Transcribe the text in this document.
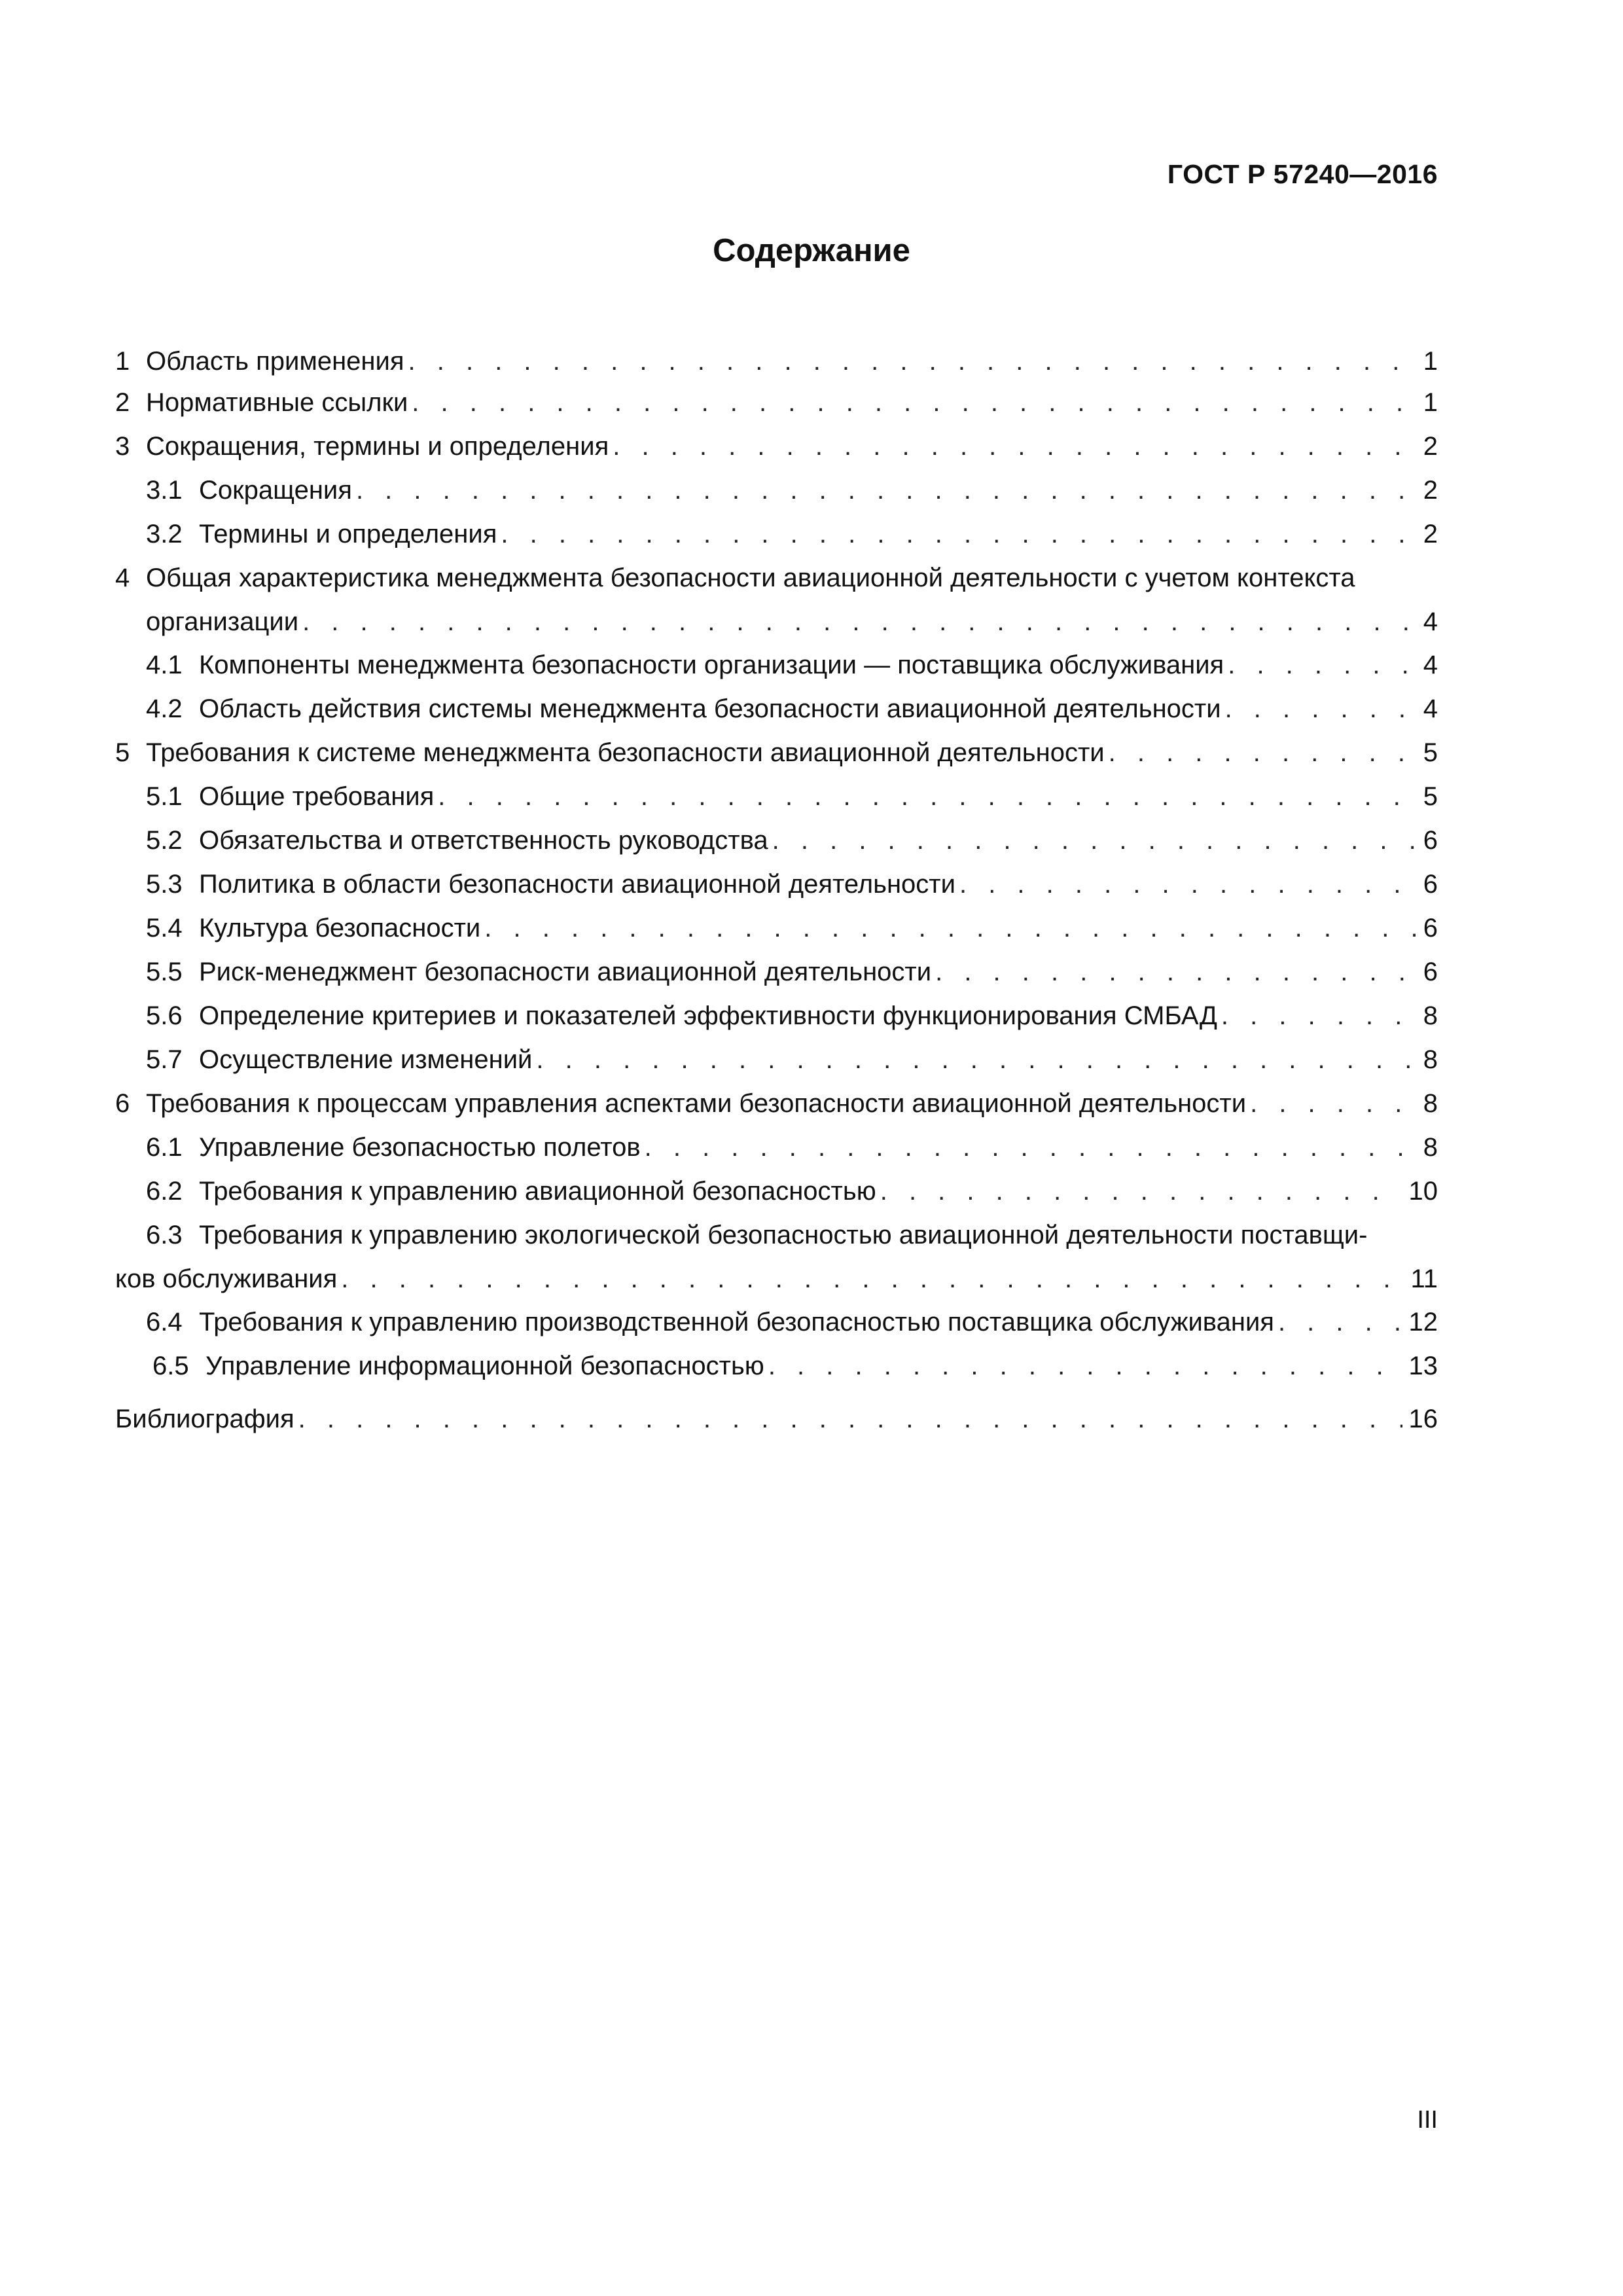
ГОСТ Р 57240—2016
Содержание
1 Область применения . . .	1
2 Нормативные ссылки . . .	1
3 Сокращения, термины и определения . . .	2
3.1 Сокращения . . .	2
3.2 Термины и определения . . .	2
4 Общая характеристика менеджмента безопасности авиационной деятельности с учетом контекста
организации . . .	4
4.1 Компоненты менеджмента безопасности организации — поставщика обслуживания . . .	4
4.2 Область действия системы менеджмента безопасности авиационной деятельности . . .	4
5 Требования к системе менеджмента безопасности авиационной деятельности . . .	5
5.1 Общие требования . . .	5
5.2 Обязательства и ответственность руководства . . .	6
5.3 Политика в области безопасности авиационной деятельности . . .	6
5.4 Культура безопасности . . .	6
5.5 Риск-менеджмент безопасности авиационной деятельности . . .	6
5.6 Определение критериев и показателей эффективности функционирования СМБАД . . .	8
5.7 Осуществление изменений . . .	8
6 Требования к процессам управления аспектами безопасности авиационной деятельности . . .	8
6.1 Управление безопасностью полетов . . .	8
6.2 Требования к управлению авиационной безопасностью . . .	10
6.3 Требования к управлению экологической безопасностью авиационной деятельности поставщи-
ков обслуживания . . .	11
6.4 Требования к управлению производственной безопасностью поставщика обслуживания . . .	12
6.5 Управление информационной безопасностью . . .	13
Библиография . . .	16
III
